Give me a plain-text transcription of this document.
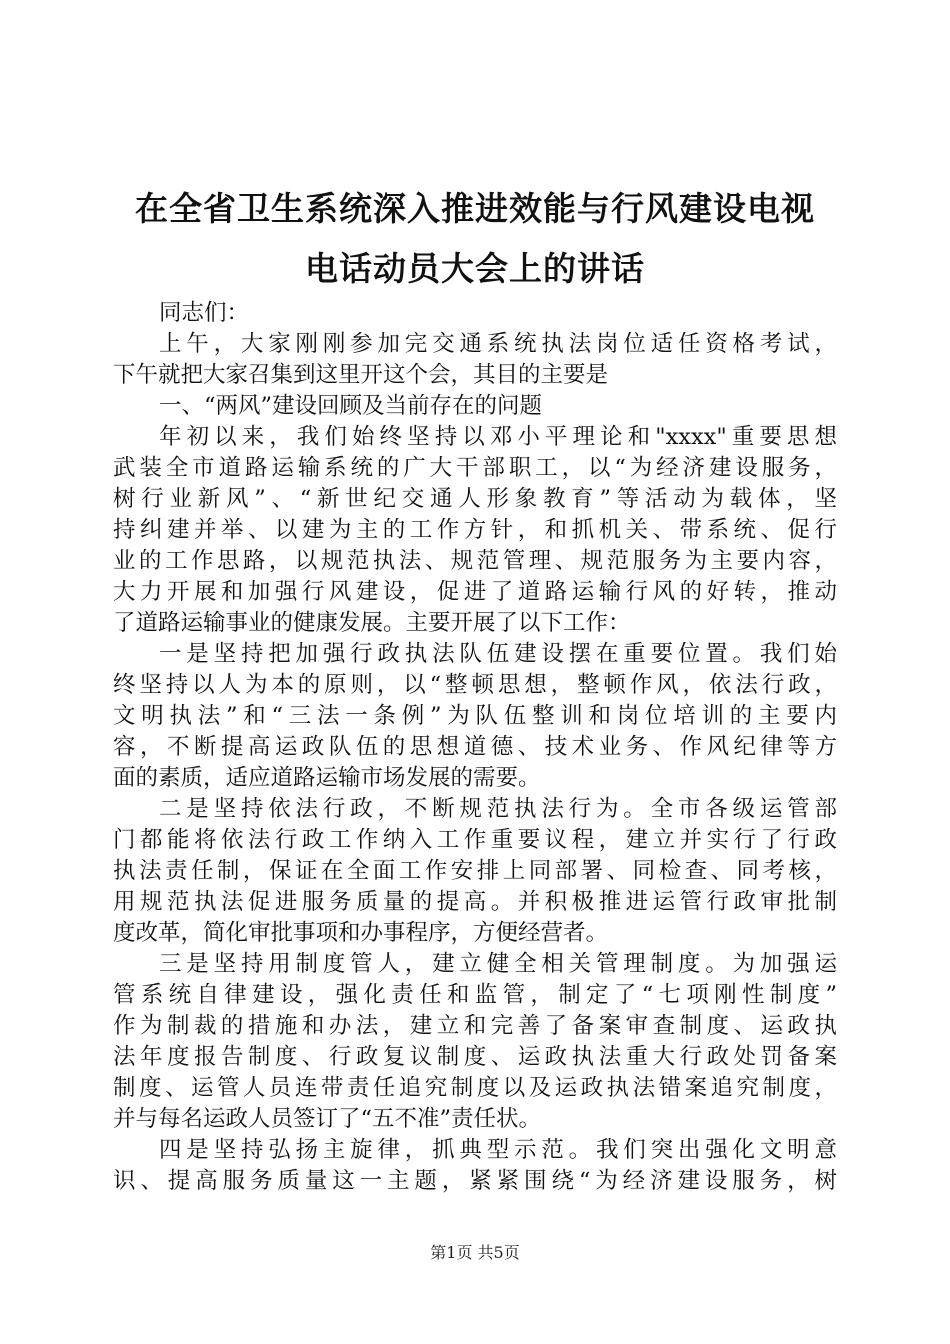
在全省卫生系统深入推进效能与行风建设电视
电话动员大会上的讲话
同志们：
上午，大家刚刚参加完交通系统执法岗位适任资格考试，
下午就把大家召集到这里开这个会，其目的主要是
一、“两风”建设回顾及当前存在的问题
年初以来，我们始终坚持以邓小平理论和"xxxx"重要思想
武装全市道路运输系统的广大干部职工，以“为经济建设服务，
树行业新风”、“新世纪交通人形象教育”等活动为载体，坚
持纠建并举、以建为主的工作方针，和抓机关、带系统、促行
业的工作思路，以规范执法、规范管理、规范服务为主要内容，
大力开展和加强行风建设，促进了道路运输行风的好转，推动
了道路运输事业的健康发展。主要开展了以下工作：
一是坚持把加强行政执法队伍建设摆在重要位置。我们始
终坚持以人为本的原则，以“整顿思想，整顿作风，依法行政，
文明执法”和“三法一条例”为队伍整训和岗位培训的主要内
容，不断提高运政队伍的思想道德、技术业务、作风纪律等方
面的素质，适应道路运输市场发展的需要。
二是坚持依法行政，不断规范执法行为。全市各级运管部
门都能将依法行政工作纳入工作重要议程，建立并实行了行政
执法责任制，保证在全面工作安排上同部署、同检查、同考核，
用规范执法促进服务质量的提高。并积极推进运管行政审批制
度改革，简化审批事项和办事程序，方便经营者。
三是坚持用制度管人，建立健全相关管理制度。为加强运
管系统自律建设，强化责任和监管，制定了“七项刚性制度”
作为制裁的措施和办法，建立和完善了备案审查制度、运政执
法年度报告制度、行政复议制度、运政执法重大行政处罚备案
制度、运管人员连带责任追究制度以及运政执法错案追究制度，
并与每名运政人员签订了“五不准”责任状。
四是坚持弘扬主旋律，抓典型示范。我们突出强化文明意
识、提高服务质量这一主题，紧紧围绕“为经济建设服务，树
第1页 共5页
